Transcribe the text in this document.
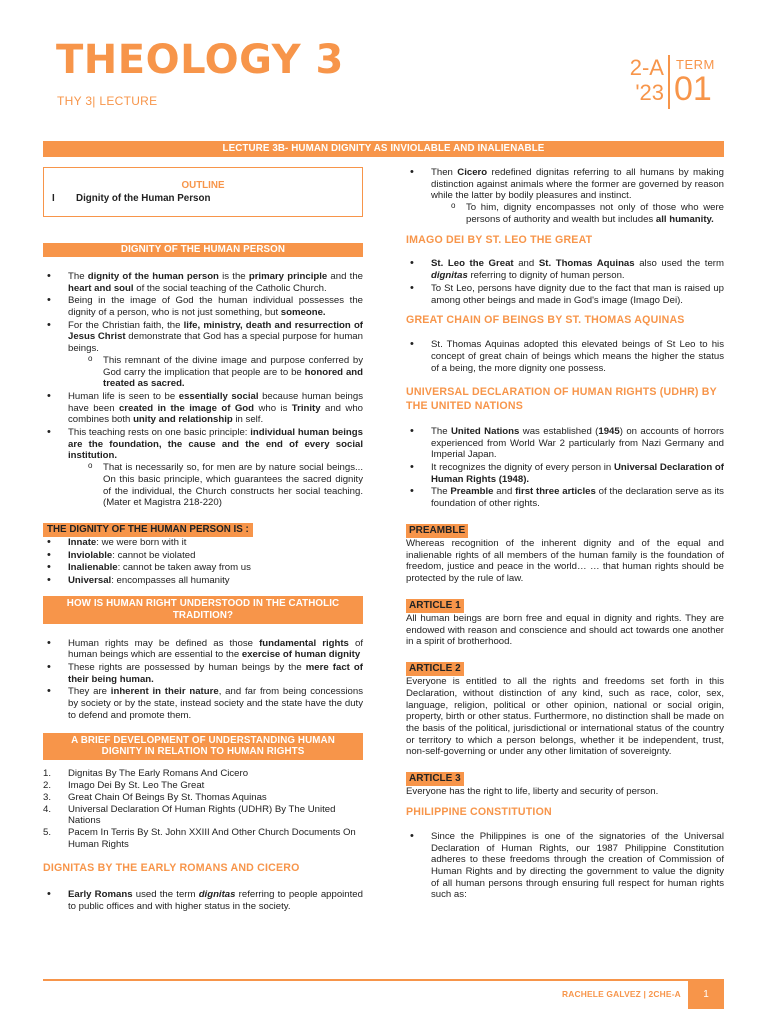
THEOLOGY 3
THY 3| LECTURE
2-A
'23
TERM
01
LECTURE 3B- HUMAN DIGNITY AS INVIOLABLE AND INALIENABLE
OUTLINE
I Dignity of the Human Person
DIGNITY OF THE HUMAN PERSON
• The dignity of the human person is the primary principle and the heart and soul of the social teaching of the Catholic Church.
• Being in the image of God the human individual possesses the dignity of a person, who is not just something, but someone.
• For the Christian faith, the life, ministry, death and resurrection of Jesus Christ demonstrate that God has a special purpose for human beings.
o This remnant of the divine image and purpose conferred by God carry the implication that people are to be honored and treated as sacred.
• Human life is seen to be essentially social because human beings have been created in the image of God who is Trinity and who combines both unity and relationship in self.
• This teaching rests on one basic principle: individual human beings are the foundation, the cause and the end of every social institution.
o That is necessarily so, for men are by nature social beings... On this basic principle, which guarantees the sacred dignity of the individual, the Church constructs her social teaching. (Mater et Magistra 218-220)
THE DIGNITY OF THE HUMAN PERSON IS :
• Innate: we were born with it
• Inviolable: cannot be violated
• Inalienable: cannot be taken away from us
• Universal: encompasses all humanity
HOW IS HUMAN RIGHT UNDERSTOOD IN THE CATHOLIC TRADITION?
• Human rights may be defined as those fundamental rights of human beings which are essential to the exercise of human dignity
• These rights are possessed by human beings by the mere fact of their being human.
• They are inherent in their nature, and far from being concessions by society or by the state, instead society and the state have the duty to defend and promote them.
A BRIEF DEVELOPMENT OF UNDERSTANDING HUMAN DIGNITY IN RELATION TO HUMAN RIGHTS
1. Dignitas By The Early Romans And Cicero
2. Imago Dei By St. Leo The Great
3. Great Chain Of Beings By St. Thomas Aquinas
4. Universal Declaration Of Human Rights (UDHR) By The United Nations
5. Pacem In Terris By St. John XXIII And Other Church Documents On Human Rights
DIGNITAS BY THE EARLY ROMANS AND CICERO
• Early Romans used the term dignitas referring to people appointed to public offices and with higher status in the society.
• Then Cicero redefined dignitas referring to all humans by making distinction against animals where the former are governed by reason while the latter by bodily pleasures and instinct.
o To him, dignity encompasses not only of those who were persons of authority and wealth but includes all humanity.
IMAGO DEI BY ST. LEO THE GREAT
• St. Leo the Great and St. Thomas Aquinas also used the term dignitas referring to dignity of human person.
• To St Leo, persons have dignity due to the fact that man is raised up among other beings and made in God's image (Imago Dei).
GREAT CHAIN OF BEINGS BY ST. THOMAS AQUINAS
• St. Thomas Aquinas adopted this elevated beings of St Leo to his concept of great chain of beings which means the higher the status of a being, the more dignity one possess.
UNIVERSAL DECLARATION OF HUMAN RIGHTS (UDHR) BY THE UNITED NATIONS
• The United Nations was established (1945) on accounts of horrors experienced from World War 2 particularly from Nazi Germany and Imperial Japan.
• It recognizes the dignity of every person in Universal Declaration of Human Rights (1948).
• The Preamble and first three articles of the declaration serve as its foundation of other rights.
PREAMBLE

Whereas recognition of the inherent dignity and of the equal and inalienable rights of all members of the human family is the foundation of freedom, justice and peace in the world… … that human rights should be protected by the rule of law.

ARTICLE 1

All human beings are born free and equal in dignity and rights. They are endowed with reason and conscience and should act towards one another in a spirit of brotherhood.

ARTICLE 2

Everyone is entitled to all the rights and freedoms set forth in this Declaration, without distinction of any kind, such as race, color, sex, language, religion, political or other opinion, national or social origin, property, birth or other status. Furthermore, no distinction shall be made on the basis of the political, jurisdictional or international status of the country or territory to which a person belongs, whether it be independent, trust, non-self-governing or under any other limitation of sovereignty.

ARTICLE 3

Everyone has the right to life, liberty and security of person.

PHILIPPINE CONSTITUTION
• Since the Philippines is one of the signatories of the Universal Declaration of Human Rights, our 1987 Philippine Constitution adheres to these freedoms through the creation of Commission of Human Rights and by directing the government to value the dignity of all human persons through ensuring full respect for human rights such as:
RACHELE GALVEZ | 2CHE-A	1
